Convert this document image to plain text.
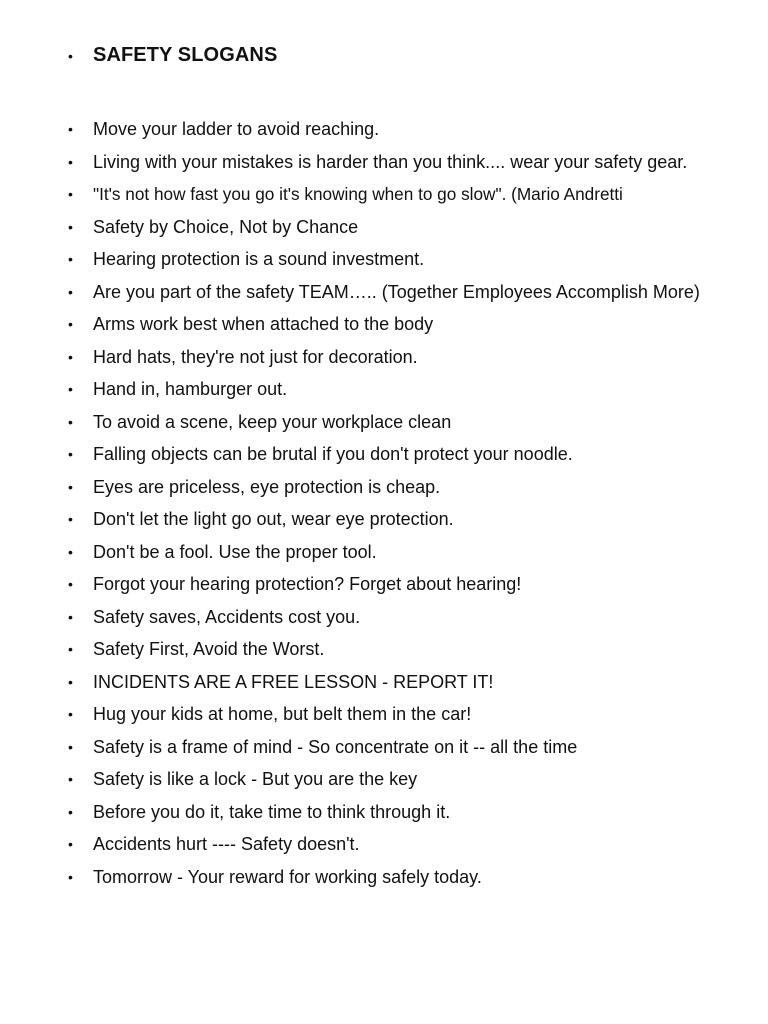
•	SAFETY SLOGANS
•	Move your ladder to avoid reaching.
•	Living with your mistakes is harder than you think.... wear your safety gear.
•	"It's not how fast you go it's knowing when to go slow". (Mario Andretti
•	Safety by Choice, Not by Chance
•	Hearing protection is a sound investment.
•	Are you part of the safety TEAM….. (Together Employees Accomplish More)
•	Arms work best when attached to the body
•	Hard hats, they're not just for decoration.
•	Hand in, hamburger out.
•	To avoid a scene, keep your workplace clean
•	Falling objects can be brutal if you don't protect your noodle.
•	Eyes are priceless, eye protection is cheap.
•	Don't let the light go out, wear eye protection.
•	Don't be a fool. Use the proper tool.
•	Forgot your hearing protection? Forget about hearing!
•	Safety saves, Accidents cost you.
•	Safety First, Avoid the Worst.
•	INCIDENTS ARE A FREE LESSON - REPORT IT!
•	Hug your kids at home, but belt them in the car!
•	Safety is a frame of mind - So concentrate on it -- all the time
•	Safety is like a lock - But you are the key
•	Before you do it, take time to think through it.
•	Accidents hurt ---- Safety doesn't.
•	Tomorrow - Your reward for working safely today.
